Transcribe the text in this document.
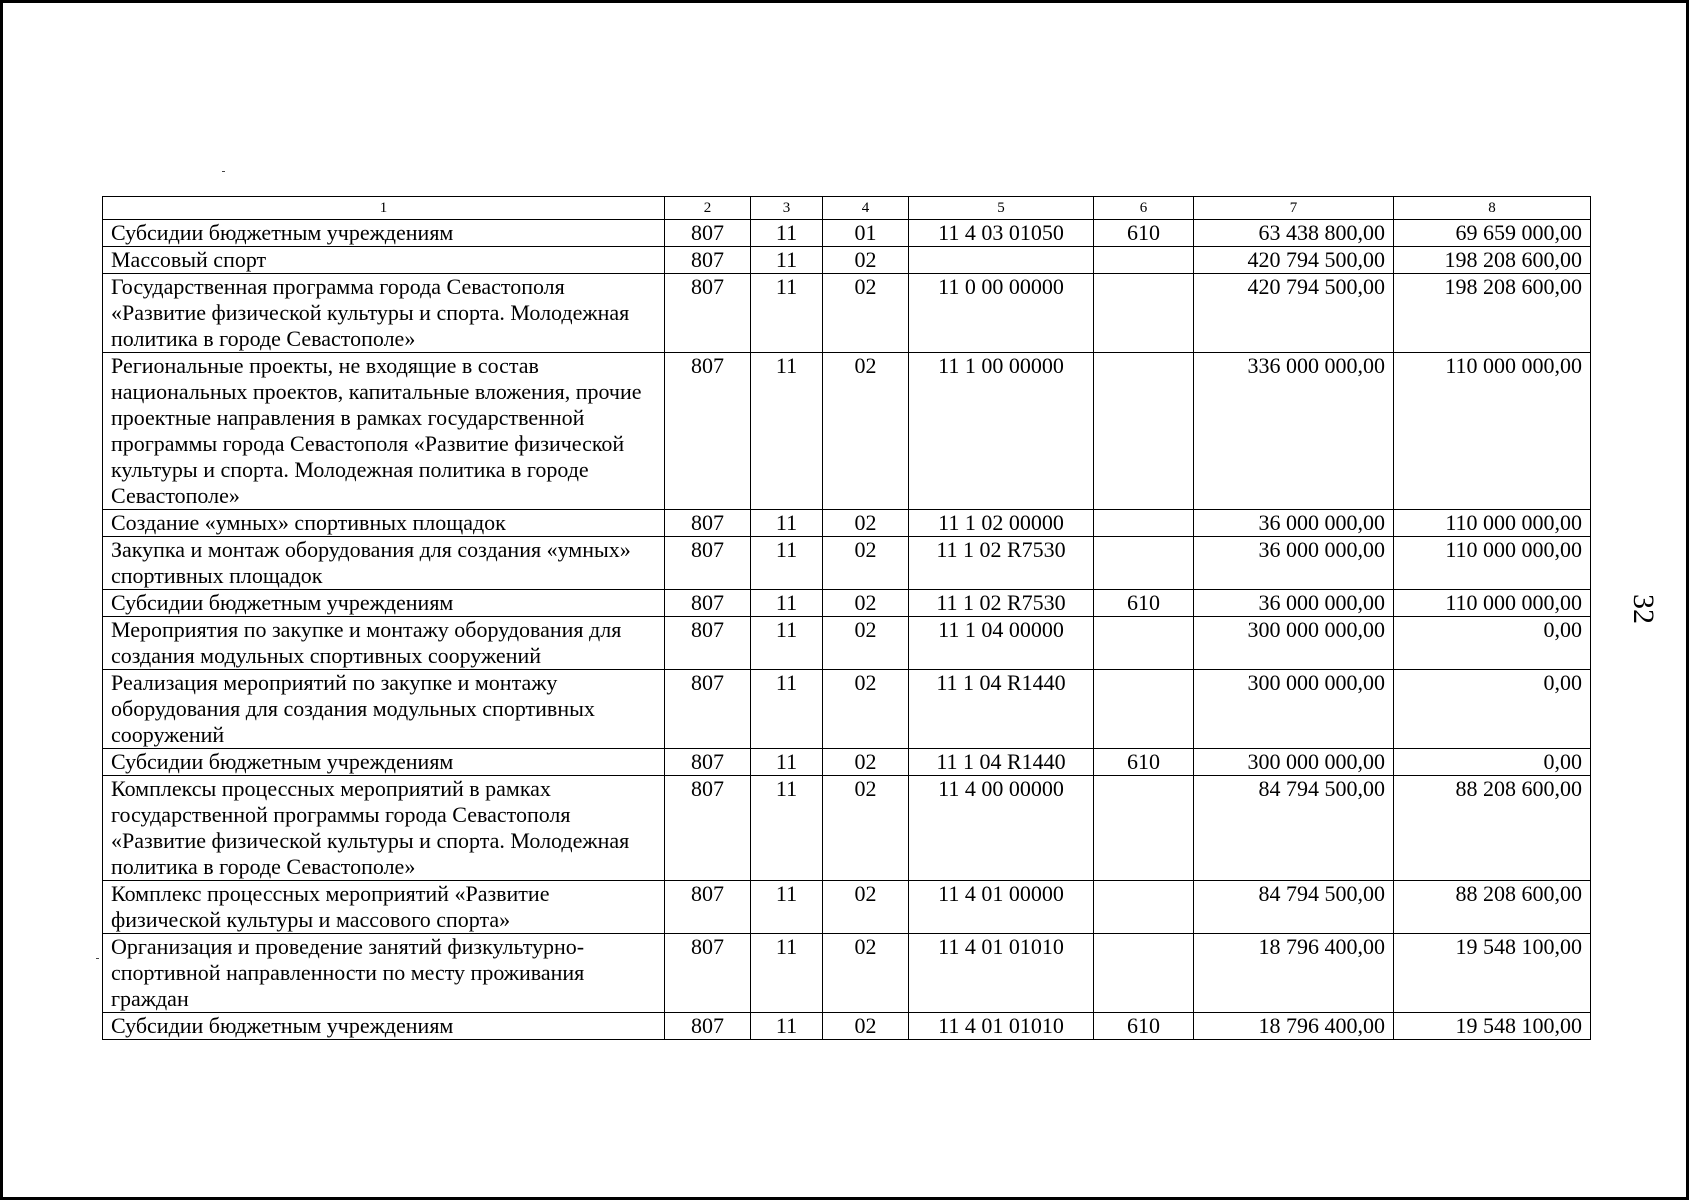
1	2	3	4	5	6	7	8
Субсидии бюджетным учреждениям	807	11	01	11 4 03 01050	610	63 438 800,00	69 659 000,00
Массовый спорт	807	11	02			420 794 500,00	198 208 600,00
Государственная программа города Севастополя «Развитие физической культуры и спорта. Молодежная политика в городе Севастополе»	807	11	02	11 0 00 00000		420 794 500,00	198 208 600,00
Региональные проекты, не входящие в состав национальных проектов, капитальные вложения, прочие проектные направления в рамках государственной программы города Севастополя «Развитие физической культуры и спорта. Молодежная политика в городе Севастополе»	807	11	02	11 1 00 00000		336 000 000,00	110 000 000,00
Создание «умных» спортивных площадок	807	11	02	11 1 02 00000		36 000 000,00	110 000 000,00
Закупка и монтаж оборудования для создания «умных» спортивных площадок	807	11	02	11 1 02 R7530		36 000 000,00	110 000 000,00
Субсидии бюджетным учреждениям	807	11	02	11 1 02 R7530	610	36 000 000,00	110 000 000,00
Мероприятия по закупке и монтажу оборудования для создания модульных спортивных сооружений	807	11	02	11 1 04 00000		300 000 000,00	0,00
Реализация мероприятий по закупке и монтажу оборудования для создания модульных спортивных сооружений	807	11	02	11 1 04 R1440		300 000 000,00	0,00
Субсидии бюджетным учреждениям	807	11	02	11 1 04 R1440	610	300 000 000,00	0,00
Комплексы процессных мероприятий в рамках государственной программы города Севастополя «Развитие физической культуры и спорта. Молодежная политика в городе Севастополе»	807	11	02	11 4 00 00000		84 794 500,00	88 208 600,00
Комплекс процессных мероприятий «Развитие физической культуры и массового спорта»	807	11	02	11 4 01 00000		84 794 500,00	88 208 600,00
Организация и проведение занятий физкультурно-спортивной направленности по месту проживания граждан	807	11	02	11 4 01 01010		18 796 400,00	19 548 100,00
Субсидии бюджетным учреждениям	807	11	02	11 4 01 01010	610	18 796 400,00	19 548 100,00
32
